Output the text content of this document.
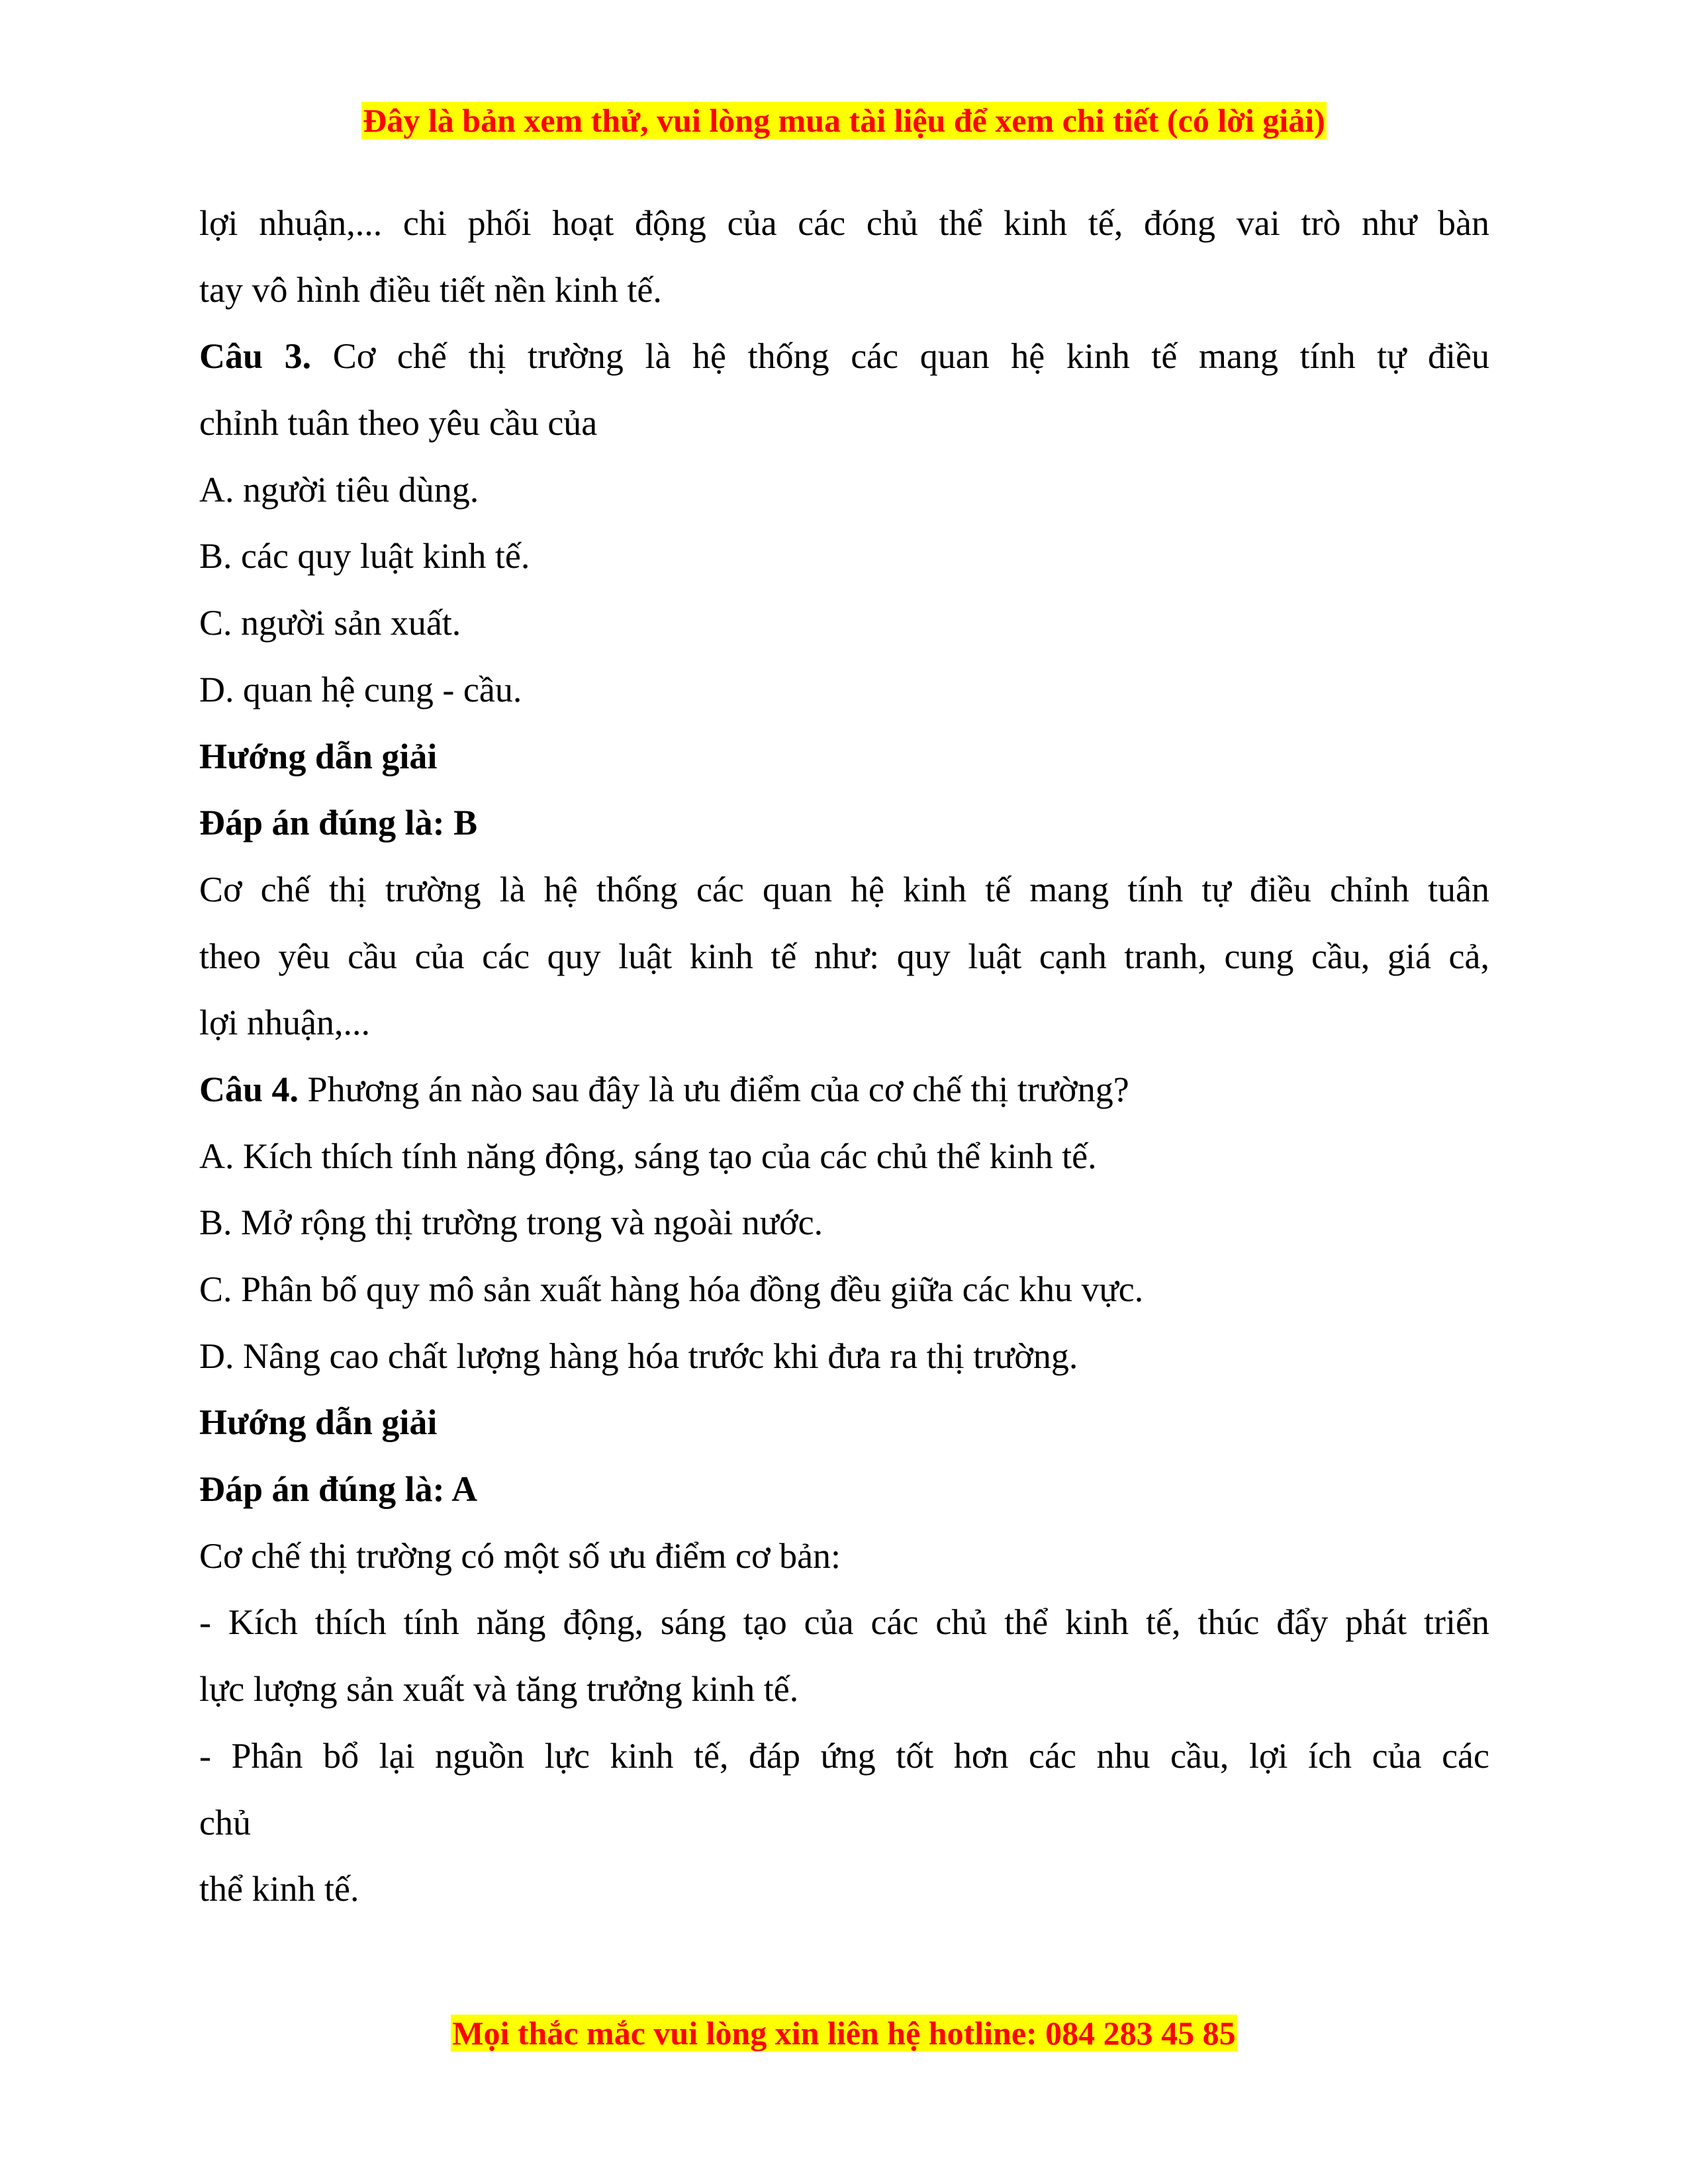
Đây là bản xem thử, vui lòng mua tài liệu để xem chi tiết (có lời giải)
lợi nhuận,... chi phối hoạt động của các chủ thể kinh tế, đóng vai trò như bàn
tay vô hình điều tiết nền kinh tế.
Câu 3. Cơ chế thị trường là hệ thống các quan hệ kinh tế mang tính tự điều
chỉnh tuân theo yêu cầu của
A. người tiêu dùng.
B. các quy luật kinh tế.
C. người sản xuất.
D. quan hệ cung - cầu.
Hướng dẫn giải
Đáp án đúng là: B
Cơ chế thị trường là hệ thống các quan hệ kinh tế mang tính tự điều chỉnh tuân
theo yêu cầu của các quy luật kinh tế như: quy luật cạnh tranh, cung cầu, giá cả,
lợi nhuận,...
Câu 4. Phương án nào sau đây là ưu điểm của cơ chế thị trường?
A. Kích thích tính năng động, sáng tạo của các chủ thể kinh tế.
B. Mở rộng thị trường trong và ngoài nước.
C. Phân bố quy mô sản xuất hàng hóa đồng đều giữa các khu vực.
D. Nâng cao chất lượng hàng hóa trước khi đưa ra thị trường.
Hướng dẫn giải
Đáp án đúng là: A
Cơ chế thị trường có một số ưu điểm cơ bản:
- Kích thích tính năng động, sáng tạo của các chủ thể kinh tế, thúc đẩy phát triển
lực lượng sản xuất và tăng trưởng kinh tế.
- Phân bổ lại nguồn lực kinh tế, đáp ứng tốt hơn các nhu cầu, lợi ích của các
chủ
thể kinh tế.
Mọi thắc mắc vui lòng xin liên hệ hotline: 084 283 45 85
